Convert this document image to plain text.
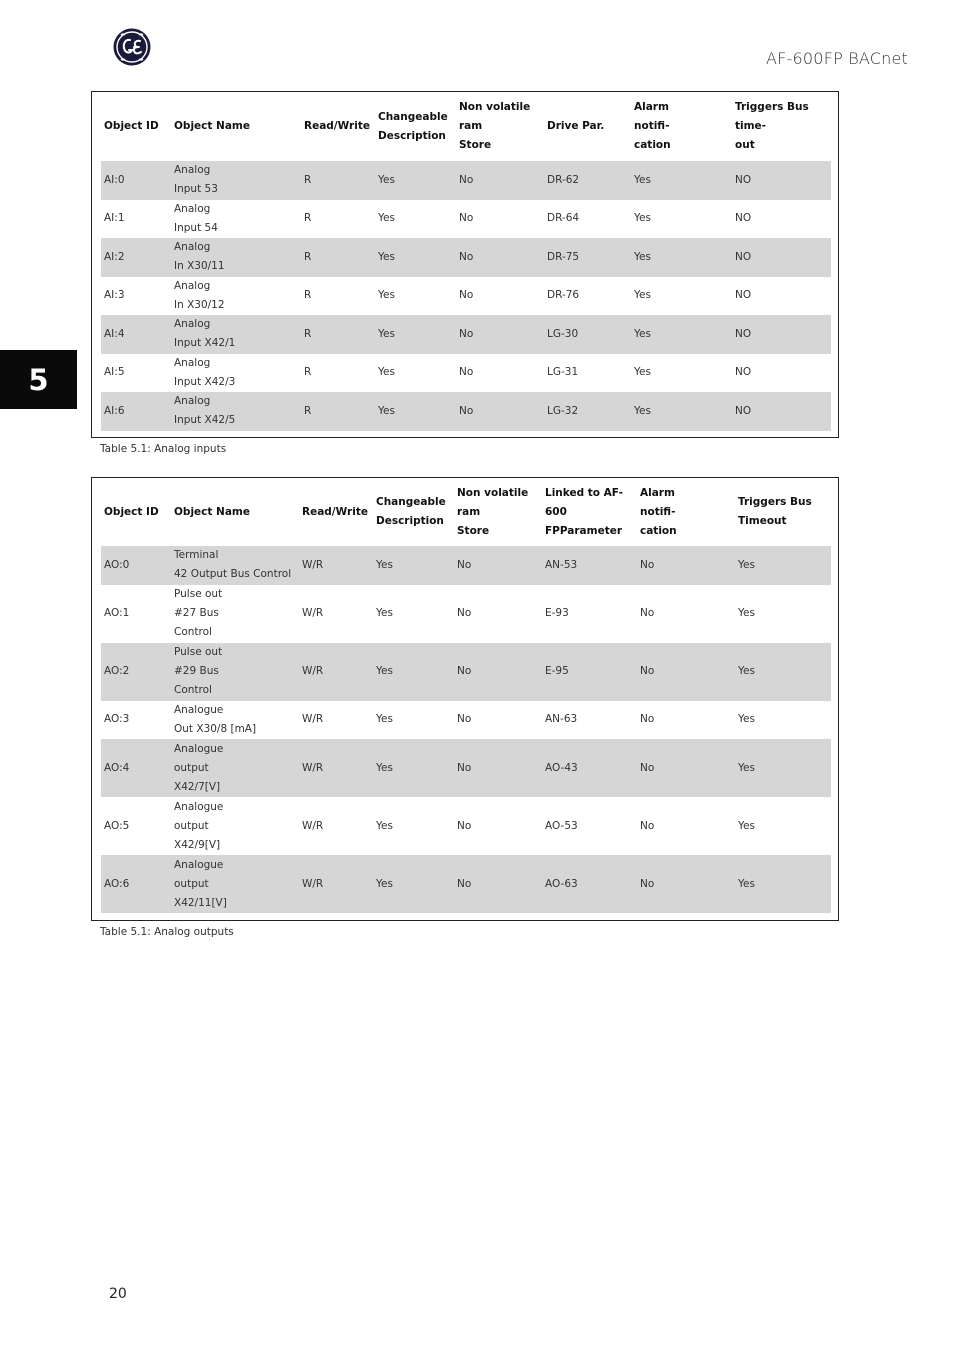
AF-600FP BACnet
5
Object ID	Object Name	Read/Write	Changeable
Description	Non volatile ram
Store	Drive Par.	Alarm
notifi-
cation	Triggers Bus time-
out

AI:0	Analog
Input 53	R	Yes	No	DR-62	Yes	NO
AI:1	Analog
Input 54	R	Yes	No	DR-64	Yes	NO
AI:2	Analog
In X30/11	R	Yes	No	DR-75	Yes	NO
AI:3	Analog
In X30/12	R	Yes	No	DR-76	Yes	NO
AI:4	Analog
Input X42/1	R	Yes	No	LG-30	Yes	NO
AI:5	Analog
Input X42/3	R	Yes	No	LG-31	Yes	NO
AI:6	Analog
Input X42/5	R	Yes	No	LG-32	Yes	NO
Table 5.1: Analog inputs
Object ID	Object Name	Read/Write	Changeable
Description	Non volatile ram
Store	Linked to AF-600
FPParameter	Alarm
notifi-
cation	Triggers Bus
Timeout

AO:0	Terminal
42 Output Bus Control	W/R	Yes	No	AN-53	No	Yes
AO:1	Pulse out
#27 Bus
Control	W/R	Yes	No	E-93	No	Yes
AO:2	Pulse out
#29 Bus
Control	W/R	Yes	No	E-95	No	Yes
AO:3	Analogue
Out X30/8 [mA]	W/R	Yes	No	AN-63	No	Yes
AO:4	Analogue
output
X42/7[V]	W/R	Yes	No	AO-43	No	Yes
AO:5	Analogue
output
X42/9[V]	W/R	Yes	No	AO-53	No	Yes
AO:6	Analogue
output
X42/11[V]	W/R	Yes	No	AO-63	No	Yes
Table 5.1: Analog outputs
20
